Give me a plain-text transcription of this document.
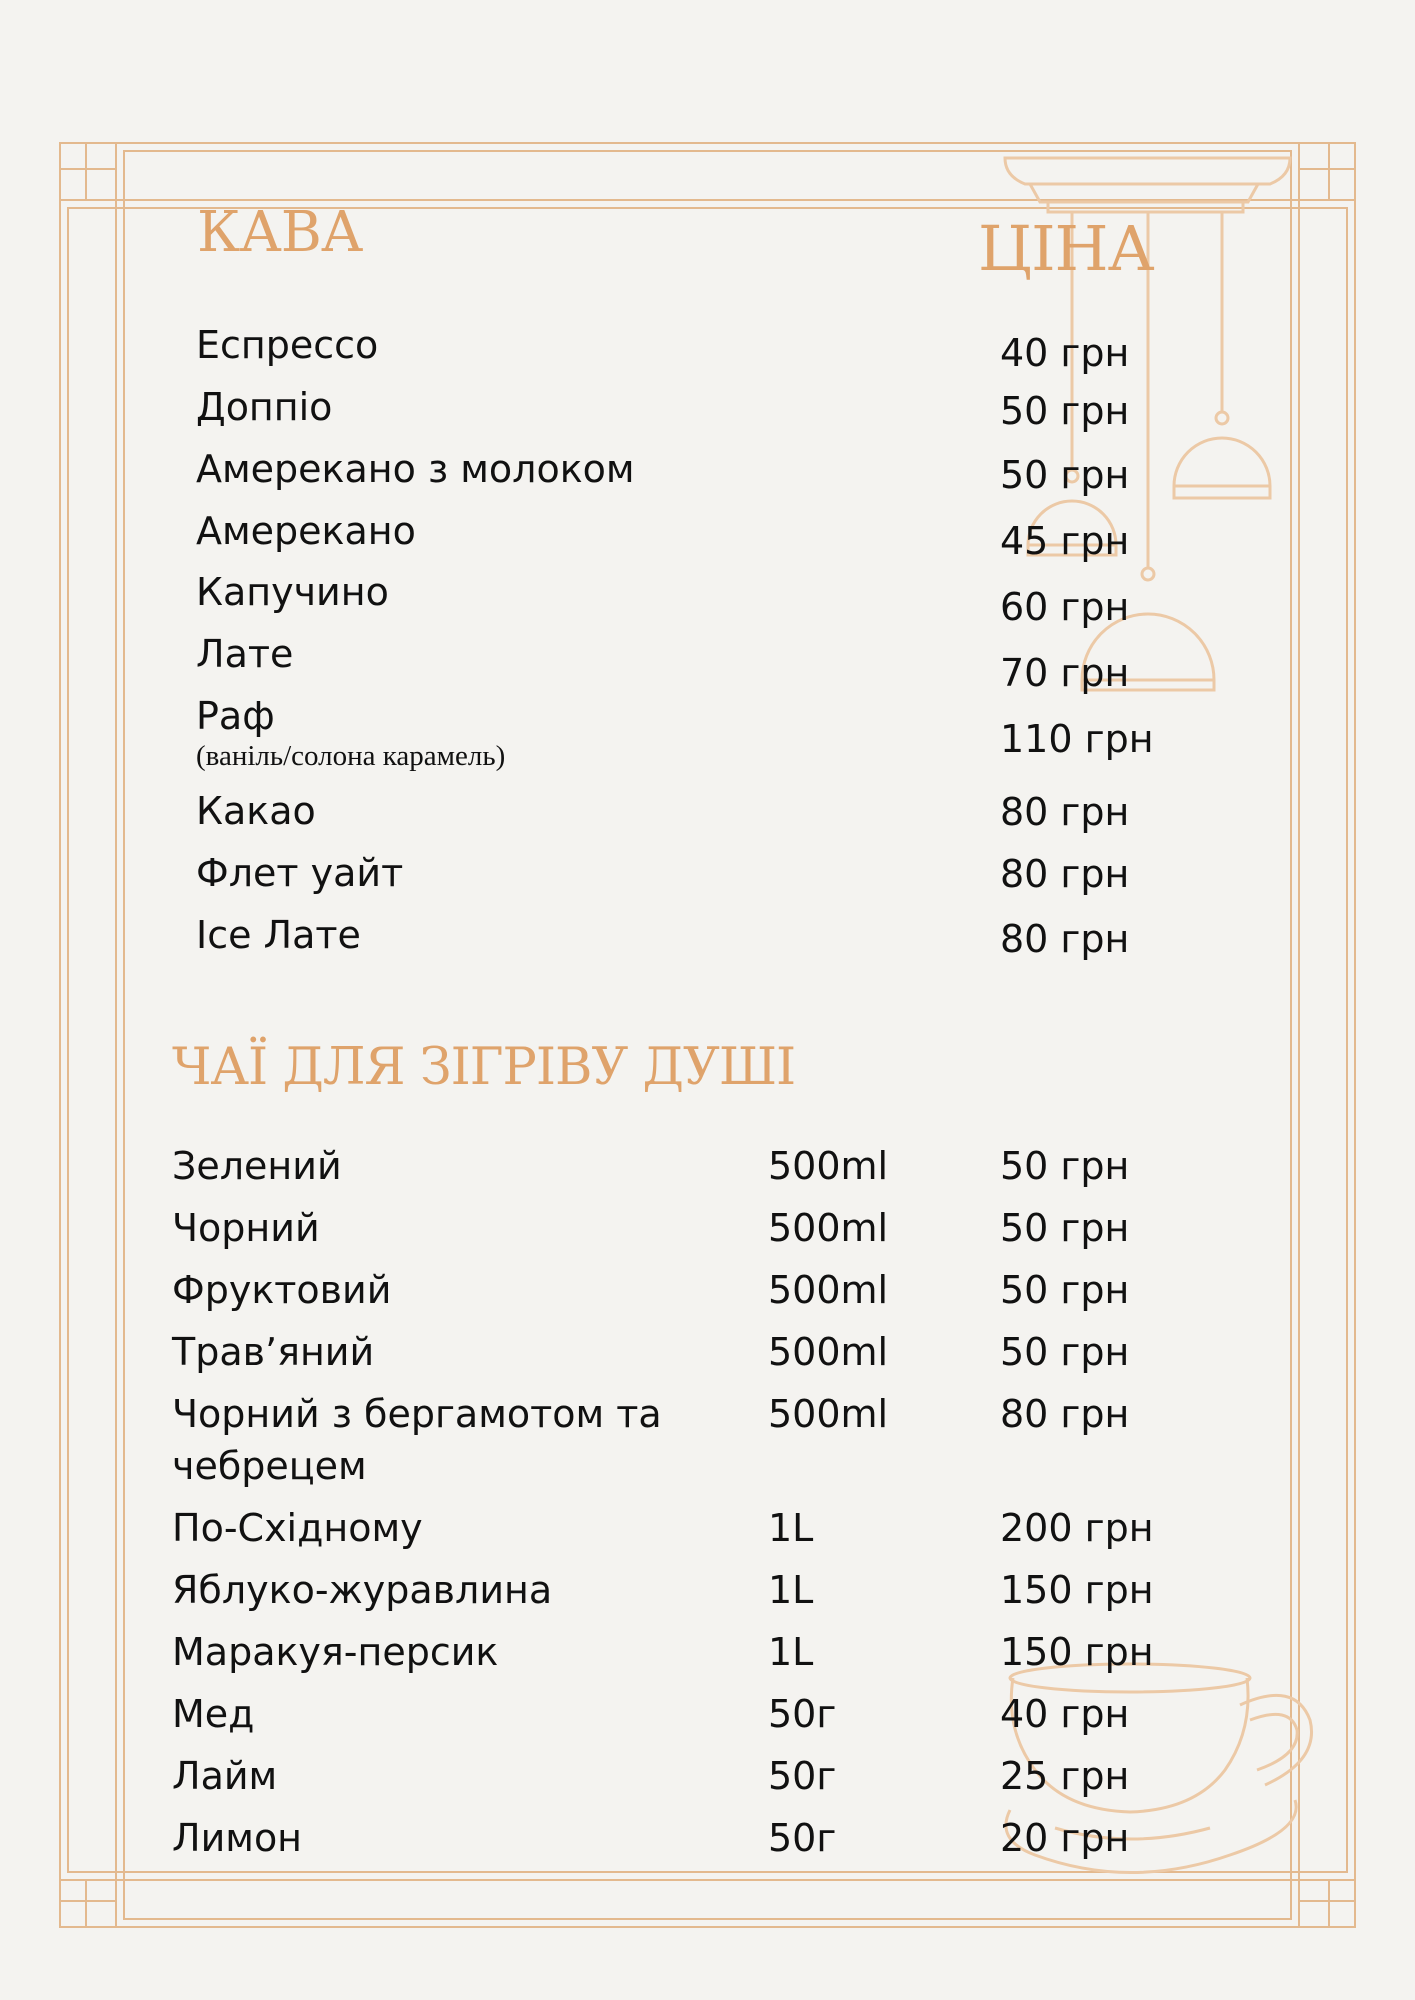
КАВА	ЦІНА
Еспрессо	40 грн
Доппіо	50 грн
Амерекано з молоком	50 грн
Амерекано	45 грн
Капучино	60 грн
Лате	70 грн
Раф
(ваніль/солона карамель)	110 грн
Какао	80 грн
Флет уайт	80 грн
Ice Лате	80 грн
ЧАЇ ДЛЯ ЗІГРІВУ ДУШІ
Зелений	500ml	50 грн
Чорний	500ml	50 грн
Фруктовий	500ml	50 грн
Трав’яний	500ml	50 грн
Чорний з бергамотом та
чебрецем
500ml	80 грн
По-Східному	1L	200 грн
Яблуко-журавлина	1L	150 грн
Маракуя-персик	1L	150 грн
Мед	50г	40 грн
Лайм	50г	25 грн
Лимон	50г	20 грн
